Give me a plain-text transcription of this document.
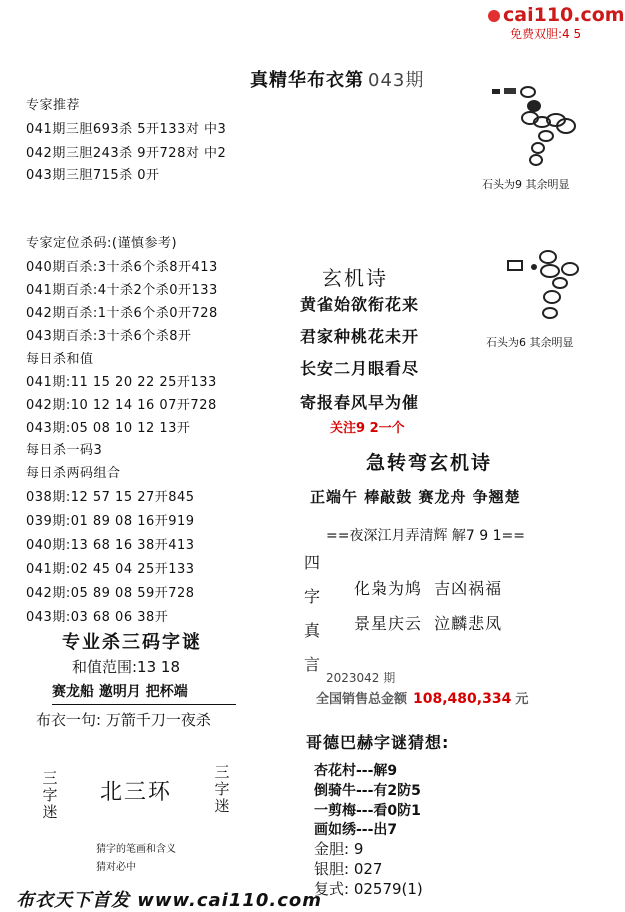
cai110.com
免费双胆:4 5
真精华布衣第 043期
专家推荐
041期三胆693杀 5开133对 中3
042期三胆243杀 9开728对 中2
043期三胆715杀 0开
专家定位杀码:(谨慎参考)
040期百杀:3十杀6个杀8开413
041期百杀:4十杀2个杀0开133
042期百杀:1十杀6个杀0开728
043期百杀:3十杀6个杀8开
每日杀和值
041期:11 15 20 22 25开133
042期:10 12 14 16 07开728
043期:05 08 10 12 13开
每日杀一码3
每日杀两码组合
038期:12 57 15 27开845
039期:01 89 08 16开919
040期:13 68 16 38开413
041期:02 45 04 25开133
042期:05 89 08 59开728
043期:03 68 06 38开
专业杀三码字谜
和值范围:13 18
赛龙船 邀明月 把杯端
布衣一句: 万箭千刀一夜杀
三
字
迷
北三环
三
字
迷
猜字的笔画和含义
猜对必中
布衣天下首发 www.cai110.com
石头为9 其余明显
石头为6 其余明显
玄机诗
黄雀始欲衔花来
君家种桃花未开
长安二月眼看尽
寄报春风早为催
关注9 2一个
急转弯玄机诗
正端午 棒敲鼓 赛龙舟 争翘楚
==夜深江月弄清辉 解7 9 1==
四
字
真
言
化枭为鸠  吉凶祸福
景星庆云  泣麟悲凤
2023042 期
全国销售总金额 108,480,334 元
哥德巴赫字谜猜想:
杏花村---解9
倒骑牛---有2防5
一剪梅---看0防1
画如绣---出7
金胆: 9
银胆: 027
复式: 02579(1)
